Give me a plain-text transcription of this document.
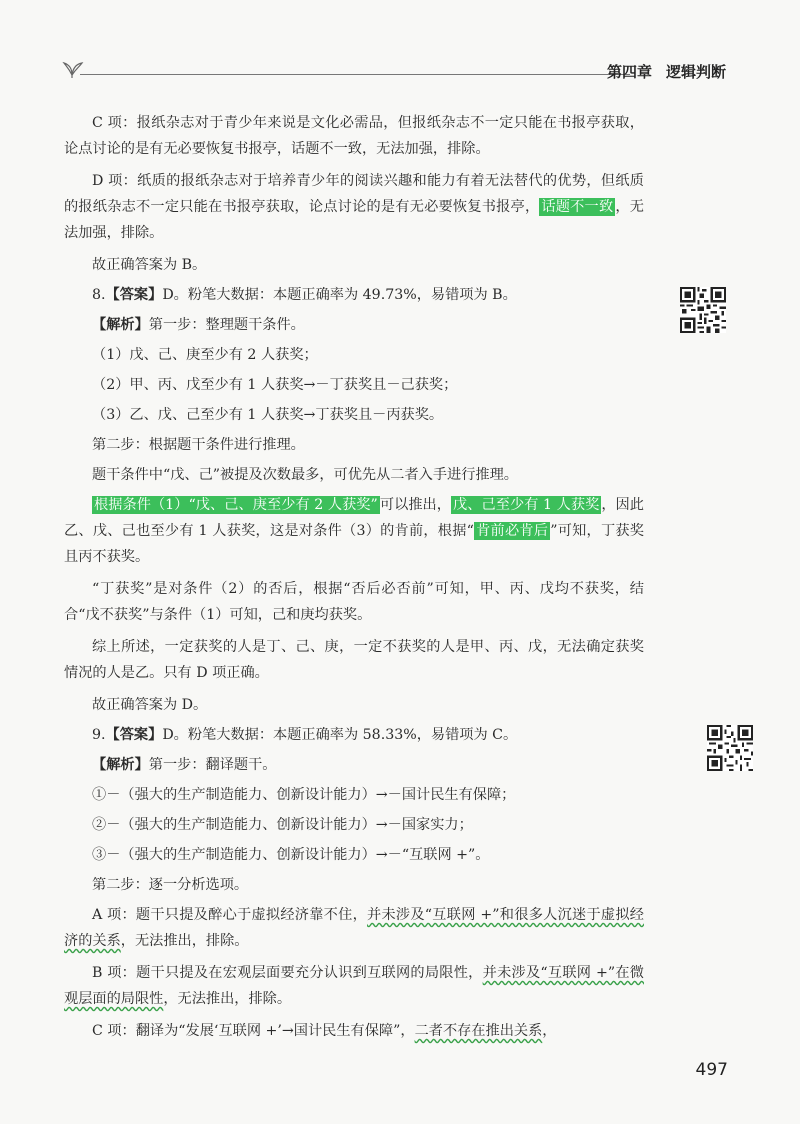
第四章 逻辑判断

C 项：报纸杂志对于青少年来说是文化必需品，但报纸杂志不一定只能在书报亭获取，论点讨论的是有无必要恢复书报亭，话题不一致，无法加强，排除。

D 项：纸质的报纸杂志对于培养青少年的阅读兴趣和能力有着无法替代的优势，但纸质的报纸杂志不一定只能在书报亭获取，论点讨论的是有无必要恢复书报亭， 话题不一致 ，无法加强，排除。

故正确答案为 B。

8.【答案】D。粉笔大数据：本题正确率为 49.73%，易错项为 B。

【解析】第一步：整理题干条件。

（1）戊、己、庚至少有 2 人获奖；

（2）甲、丙、戊至少有 1 人获奖→－丁获奖且－己获奖；

（3）乙、戊、己至少有 1 人获奖→丁获奖且－丙获奖。

第二步：根据题干条件进行推理。

题干条件中“戊、己”被提及次数最多，可优先从二者入手进行推理。

根据条件（1）“戊、己、庚至少有 2 人获奖” 可以推出， 戊、己至少有 1 人获奖 ，因此乙、戊、己也至少有 1 人获奖，这是对条件（3）的肯前，根据“ 肯前必肯后 ”可知，丁获奖且丙不获奖。

“丁获奖”是对条件（2）的否后，根据“否后必否前”可知，甲、丙、戊均不获奖，结合“戊不获奖”与条件（1）可知，己和庚均获奖。

综上所述，一定获奖的人是丁、己、庚，一定不获奖的人是甲、丙、戊，无法确定获奖情况的人是乙。只有 D 项正确。

故正确答案为 D。

9.【答案】D。粉笔大数据：本题正确率为 58.33%，易错项为 C。

【解析】第一步：翻译题干。

①－（强大的生产制造能力、创新设计能力）→－国计民生有保障；

②－（强大的生产制造能力、创新设计能力）→－国家实力；

③－（强大的生产制造能力、创新设计能力）→－“互联网 +”。

第二步：逐一分析选项。

A 项：题干只提及醉心于虚拟经济靠不住，并未涉及“互联网 +”和很多人沉迷于虚拟经济的关系，无法推出，排除。

B 项：题干只提及在宏观层面要充分认识到互联网的局限性，并未涉及“互联网 +”在微观层面的局限性，无法推出，排除。

C 项：翻译为“发展‘互联网 +’→国计民生有保障”，二者不存在推出关系，

497
